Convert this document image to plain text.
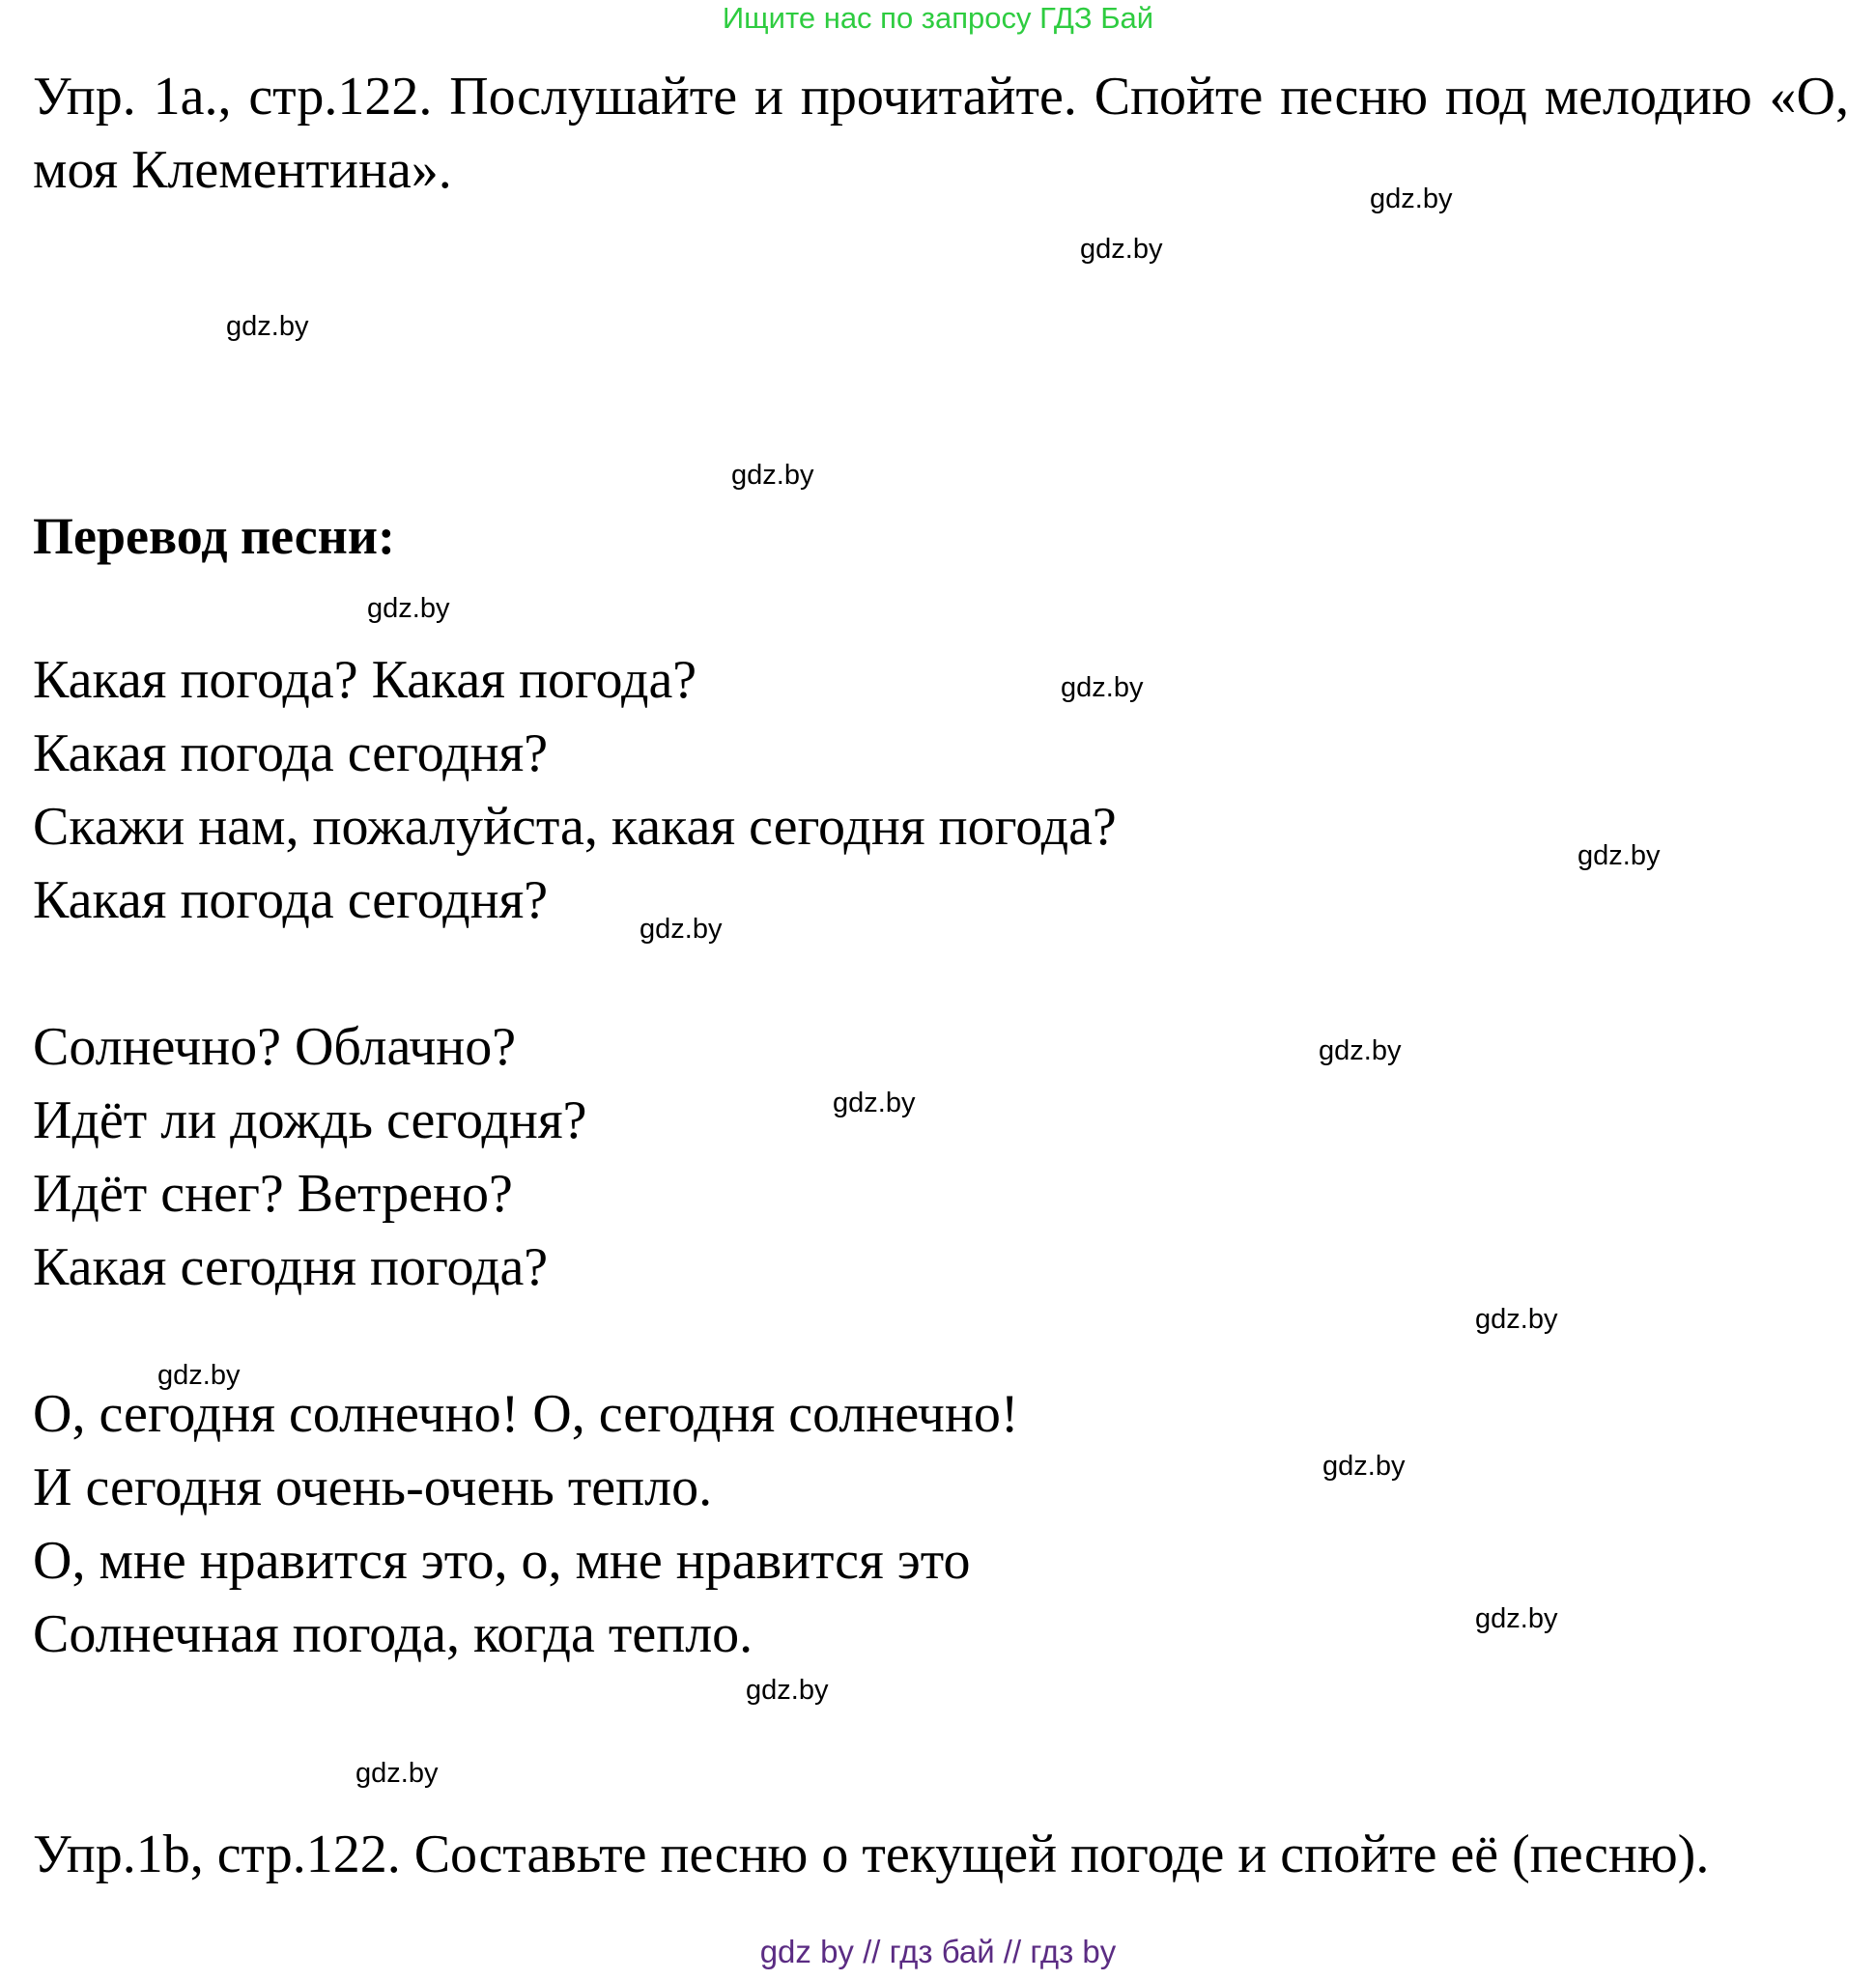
Ищите нас по запросу ГДЗ Бай

Упр. 1а., стр.122. Послушайте и прочитайте. Спойте песню под мелодию «О, моя Клементина».

Перевод песни:

Какая погода? Какая погода?

Какая погода сегодня?

Скажи нам, пожалуйста, какая сегодня погода?

Какая погода сегодня?

Солнечно? Облачно?

Идёт ли дождь сегодня?

Идёт снег? Ветрено?

Какая сегодня погода?

О, сегодня солнечно! О, сегодня солнечно!

И сегодня очень-очень тепло.

О, мне нравится это, о, мне нравится это

Солнечная погода, когда тепло.

Упр.1b, стр.122. Составьте песню о текущей погоде и спойте её (песню).

gdz.by
gdz.by
gdz.by
gdz.by
gdz.by
gdz.by
gdz.by
gdz.by
gdz.by
gdz.by
gdz.by
gdz.by
gdz.by
gdz.by
gdz.by
gdz.by
gdz by // гдз бай // гдз by
